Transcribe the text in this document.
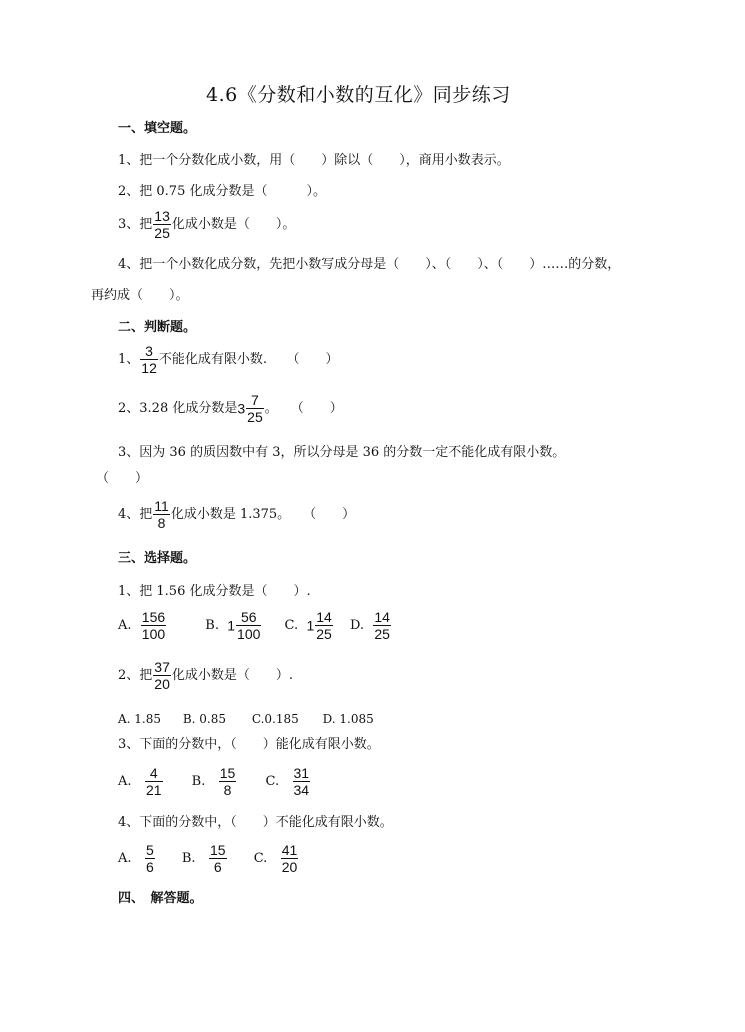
4.6《分数和小数的互化》同步练习
一、填空题。
1、把一个分数化成小数，用（　　）除以（　　），商用小数表示。
2、把 0.75 化成分数是（　　　）。
3、把 $\frac{13}{25}$ 化成小数是（　　）。
4、把一个小数化成分数，先把小数写成分母是（　　）、（　　）、（　　）……的分数，
再约成（　　）。
二、判断题。
1、 $\frac{3}{12}$ 不能化成有限小数.　　（　　）
2、3.28 化成分数是$3 \frac{7}{25}$ 。　　（　　）
3、因为 36 的质因数中有 3，所以分母是 36 的分数一定不能化成有限小数。
（　　）
4、把 $\frac{11}{8}$ 化成小数是 1.375。　　（　　）
三、选择题。
1、把 1.56 化成分数是（　　）.
A. $\frac{156}{100}$	B. $1 \frac{56}{100} C$. $1 \frac{14}{25} D$. $\frac{14}{25}$
2、把 $\frac{37}{20}$ 化成小数是（　　）.
A. 1.85 B. 0.85 C.0.185 D. 1.085
3、下面的分数中，（　　）能化成有限小数。
A. $\frac{4}{21} B$. $\frac{15}{8} C$. $\frac{31}{34}$
4、下面的分数中，（　　）不能化成有限小数。
A. $\frac{5}{6} B$. $\frac{15}{6} C$. $\frac{41}{20}$
四、　解答题。
